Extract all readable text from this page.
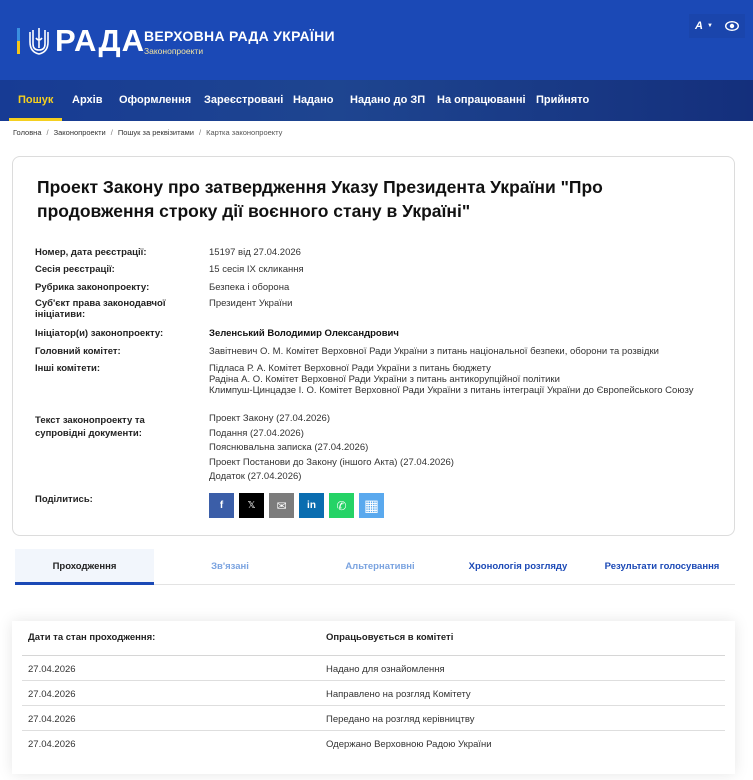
РАДА ВЕРХОВНА РАДА УКРАЇНИ
Законопроекти
A ▼
Пошук Архів Оформлення Зареєстровані Надано Надано до ЗП На опрацюванні Прийнято
Головна / Законопроекти / Пошук за реквізитами / Картка законопроекту
Проект Закону про затвердження Указу Президента України "Про продовження строку дії воєнного стану в Україні"
Номер, дата реєстрації:	15197 від 27.04.2026
Сесія реєстрації:	15 сесія IX скликання
Рубрика законопроекту:	Безпека і оборона
Суб'єкт права законодавчої ініціативи:
Президент України
Ініціатор(и) законопроекту:	Зеленський Володимир Олександрович
Головний комітет:	Завітневич О. М. Комітет Верховної Ради України з питань національної безпеки, оборони та розвідки
Інші комітети:	Підласа Р. А. Комітет Верховної Ради України з питань бюджету
Радіна А. О. Комітет Верховної Ради України з питань антикорупційної політики
Климпуш-Цинцадзе І. О. Комітет Верховної Ради України з питань інтеграції України до Європейського Союзу
Текст законопроекту та супровідні документи:
Проект Закону (27.04.2026)
Подання (27.04.2026)
Пояснювальна записка (27.04.2026)
Проект Постанови до Закону (іншого Акта) (27.04.2026)
Додаток (27.04.2026)
Поділитись:
f 𝕏 ✉ in ✆ ▦
Проходження	Зв'язані	Альтернативні	Хронологія розгляду	Результати голосування
Дати та стан проходження:	Опрацьовується в комітеті
27.04.2026	Надано для ознайомлення
27.04.2026	Направлено на розгляд Комітету
27.04.2026	Передано на розгляд керівництву
27.04.2026	Одержано Верховною Радою України
